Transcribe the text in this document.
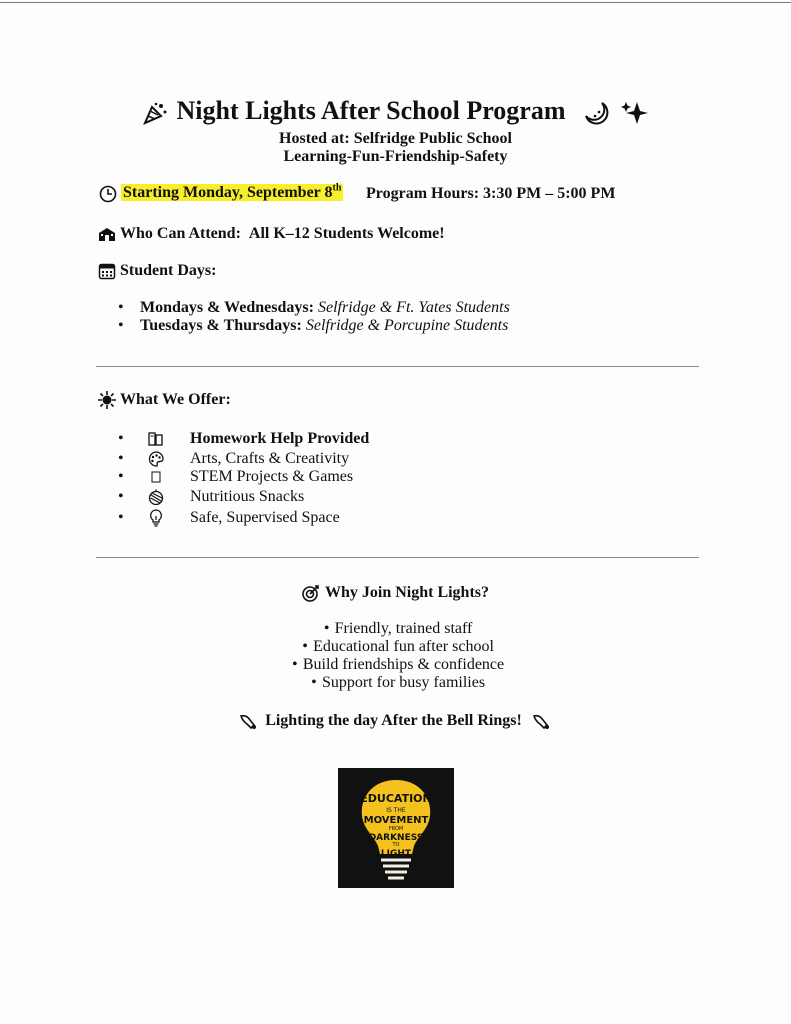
Night Lights After School Program
Hosted at: Selfridge Public School
Learning-Fun-Friendship-Safety
Starting Monday, September 8th Program Hours: 3:30 PM – 5:00 PM
Who Can Attend: All K–12 Students Welcome!
Student Days:
• Mondays & Wednesdays: Selfridge & Ft. Yates Students
• Tuesdays & Thursdays: Selfridge & Porcupine Students
What We Offer:
•	Homework Help Provided
•	Arts, Crafts & Creativity
•	STEM Projects & Games
•	Nutritious Snacks
•	Safe, Supervised Space
Why Join Night Lights?
• Friendly, trained staff
• Educational fun after school
• Build friendships & confidence
• Support for busy families
Lighting the day After the Bell Rings!
EDUCATION
IS THE
MOVEMENT
FROM
DARKNESS
TO
LIGHT
